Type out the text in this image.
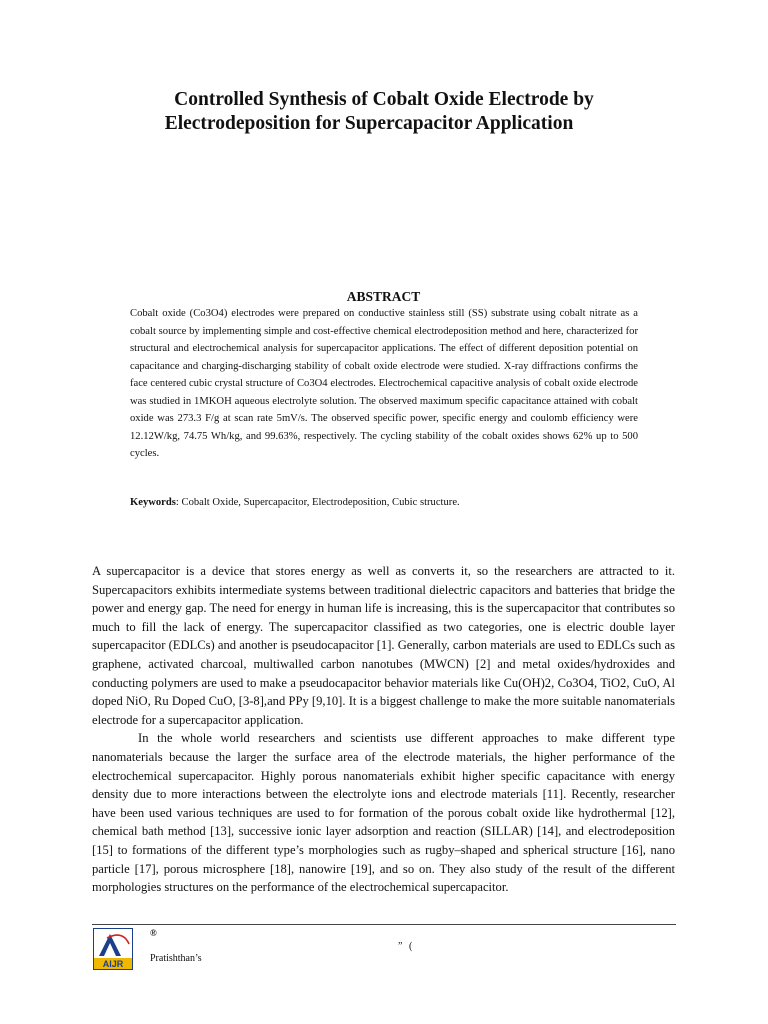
Controlled Synthesis of Cobalt Oxide Electrode by
Electrodeposition for Supercapacitor Application
ABSTRACT

Cobalt oxide (Co3O4) electrodes were prepared on conductive stainless still (SS) substrate using cobalt nitrate as a cobalt source by implementing simple and cost-effective chemical electrodeposition method and here, characterized for structural and electrochemical analysis for supercapacitor applications. The effect of different deposition potential on capacitance and charging-discharging stability of cobalt oxide electrode were studied. X-ray diffractions confirms the face centered cubic crystal structure of Co3O4 electrodes. Electrochemical capacitive analysis of cobalt oxide electrode was studied in 1MKOH aqueous electrolyte solution. The observed maximum specific capacitance attained with cobalt oxide was 273.3 F/g at scan rate 5mV/s. The observed specific power, specific energy and coulomb efficiency were 12.12W/kg, 74.75 Wh/kg, and 99.63%, respectively. The cycling stability of the cobalt oxides shows 62% up to 500 cycles.

Keywords: Cobalt Oxide, Supercapacitor, Electrodeposition, Cubic structure.

A supercapacitor is a device that stores energy as well as converts it, so the researchers are attracted to it. Supercapacitors exhibits intermediate systems between traditional dielectric capacitors and batteries that bridge the power and energy gap. The need for energy in human life is increasing, this is the supercapacitor that contributes so much to fill the lack of energy. The supercapacitor classified as two categories, one is electric double layer supercapacitor (EDLCs) and another is pseudocapacitor [1]. Generally, carbon materials are used to EDLCs such as graphene, activated charcoal, multiwalled carbon nanotubes (MWCN) [2] and metal oxides/hydroxides and conducting polymers are used to make a pseudocapacitor behavior materials like Cu(OH)2, Co3O4, TiO2, CuO, Al doped NiO, Ru Doped CuO, [3-8],and PPy [9,10]. It is a biggest challenge to make the more suitable nanomaterials electrode for a supercapacitor application.

In the whole world researchers and scientists use different approaches to make different type nanomaterials because the larger the surface area of the electrode materials, the higher performance of the electrochemical supercapacitor. Highly porous nanomaterials exhibit higher specific capacitance with energy density due to more interactions between the electrolyte ions and electrode materials [11]. Recently, researcher have been used various techniques are used to for formation of the porous cobalt oxide like hydrothermal [12], chemical bath method [13], successive ionic layer adsorption and reaction (SILLAR) [14], and electrodeposition [15] to formations of the different type’s morphologies such as rugby–shaped and spherical structure [16], nano particle [17], porous microsphere [18], nanowire [19], and so on. They also study of the result of the different morphologies structures on the performance of the electrochemical supercapacitor.

AIJR
®
Pratishthan’s
” (
